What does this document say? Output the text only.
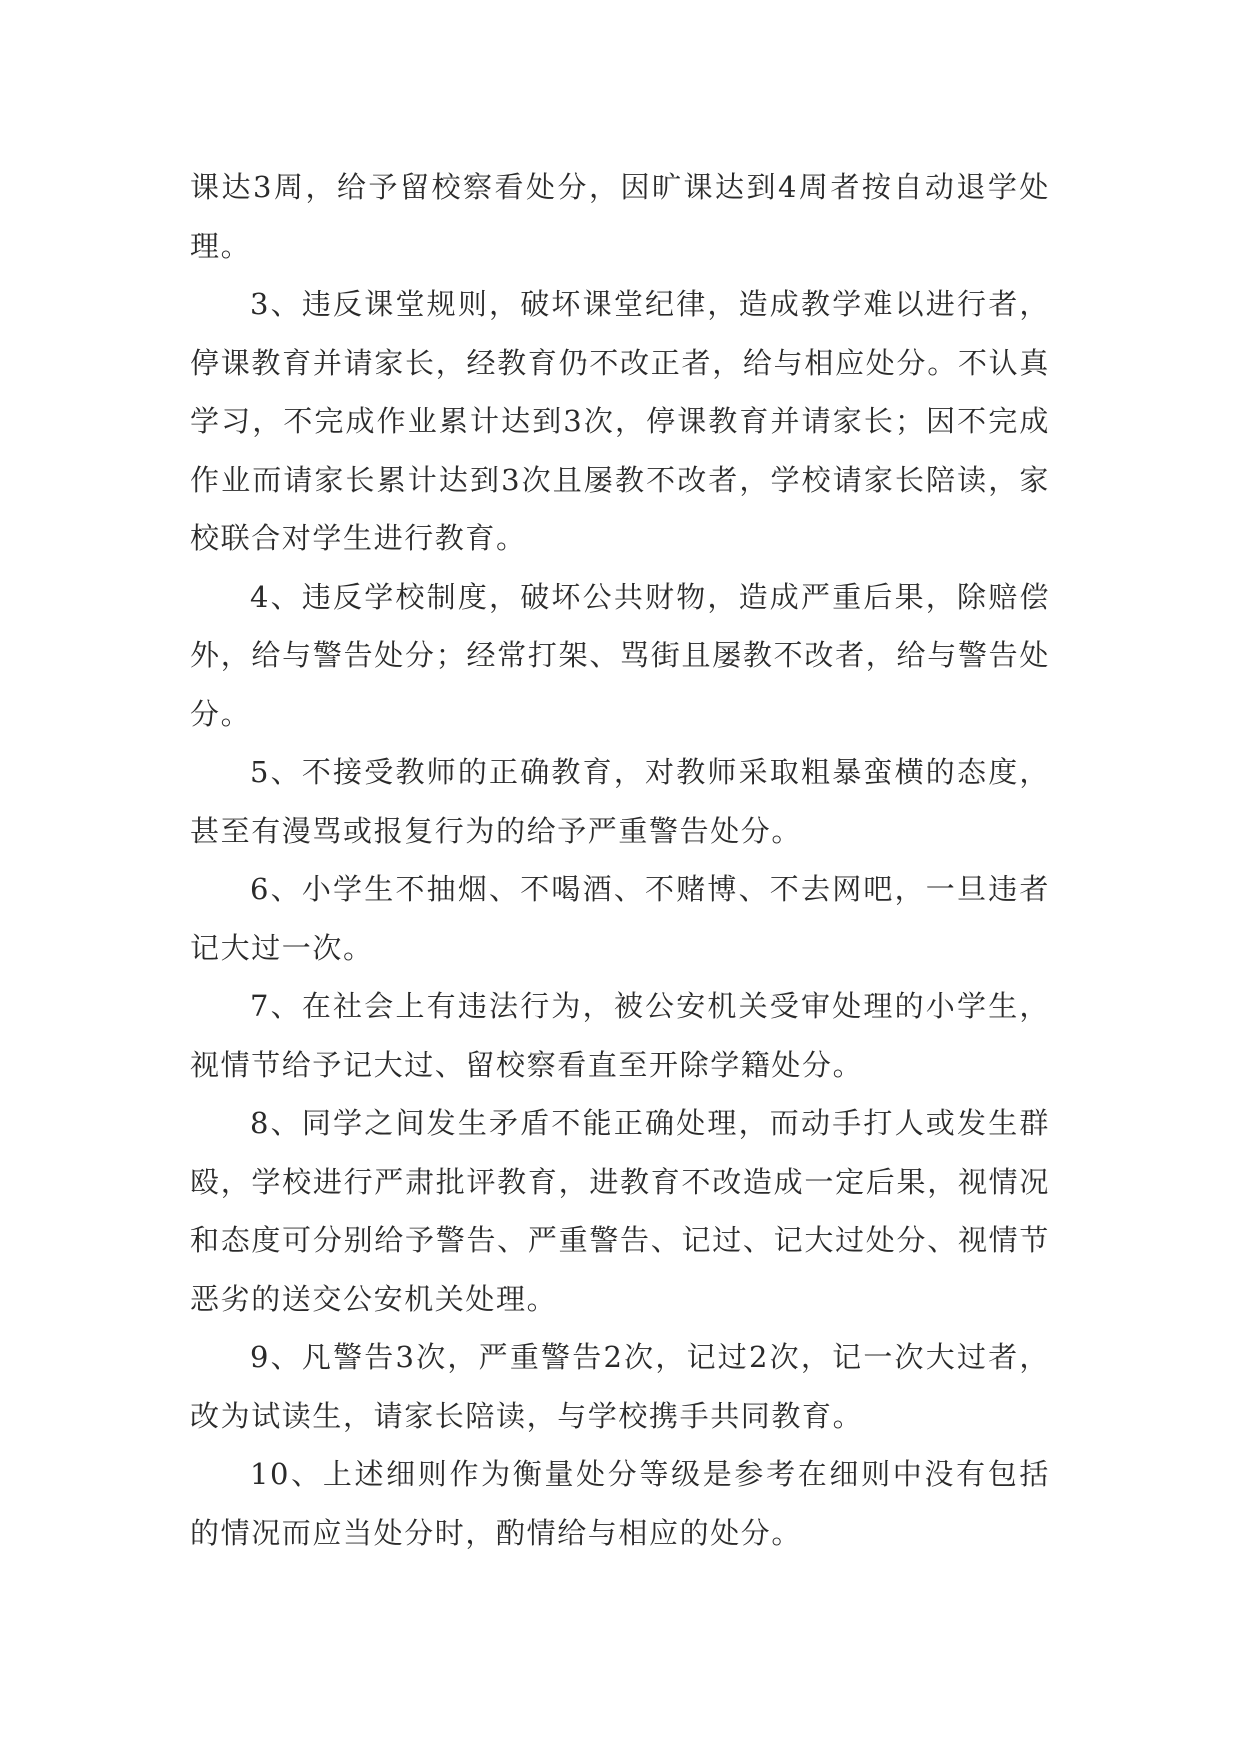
课达3周，给予留校察看处分，因旷课达到4周者按自动退学处理。

3、违反课堂规则，破坏课堂纪律，造成教学难以进行者，停课教育并请家长，经教育仍不改正者，给与相应处分。不认真学习，不完成作业累计达到3次，停课教育并请家长；因不完成作业而请家长累计达到3次且屡教不改者，学校请家长陪读，家校联合对学生进行教育。

4、违反学校制度，破坏公共财物，造成严重后果，除赔偿外，给与警告处分；经常打架、骂街且屡教不改者，给与警告处分。

5、不接受教师的正确教育，对教师采取粗暴蛮横的态度，甚至有漫骂或报复行为的给予严重警告处分。

6、小学生不抽烟、不喝酒、不赌博、不去网吧，一旦违者记大过一次。

7、在社会上有违法行为，被公安机关受审处理的小学生，视情节给予记大过、留校察看直至开除学籍处分。

8、同学之间发生矛盾不能正确处理，而动手打人或发生群殴，学校进行严肃批评教育，进教育不改造成一定后果，视情况和态度可分别给予警告、严重警告、记过、记大过处分、视情节恶劣的送交公安机关处理。

9、凡警告3次，严重警告2次，记过2次，记一次大过者，改为试读生，请家长陪读，与学校携手共同教育。

10、上述细则作为衡量处分等级是参考在细则中没有包括的情况而应当处分时，酌情给与相应的处分。
